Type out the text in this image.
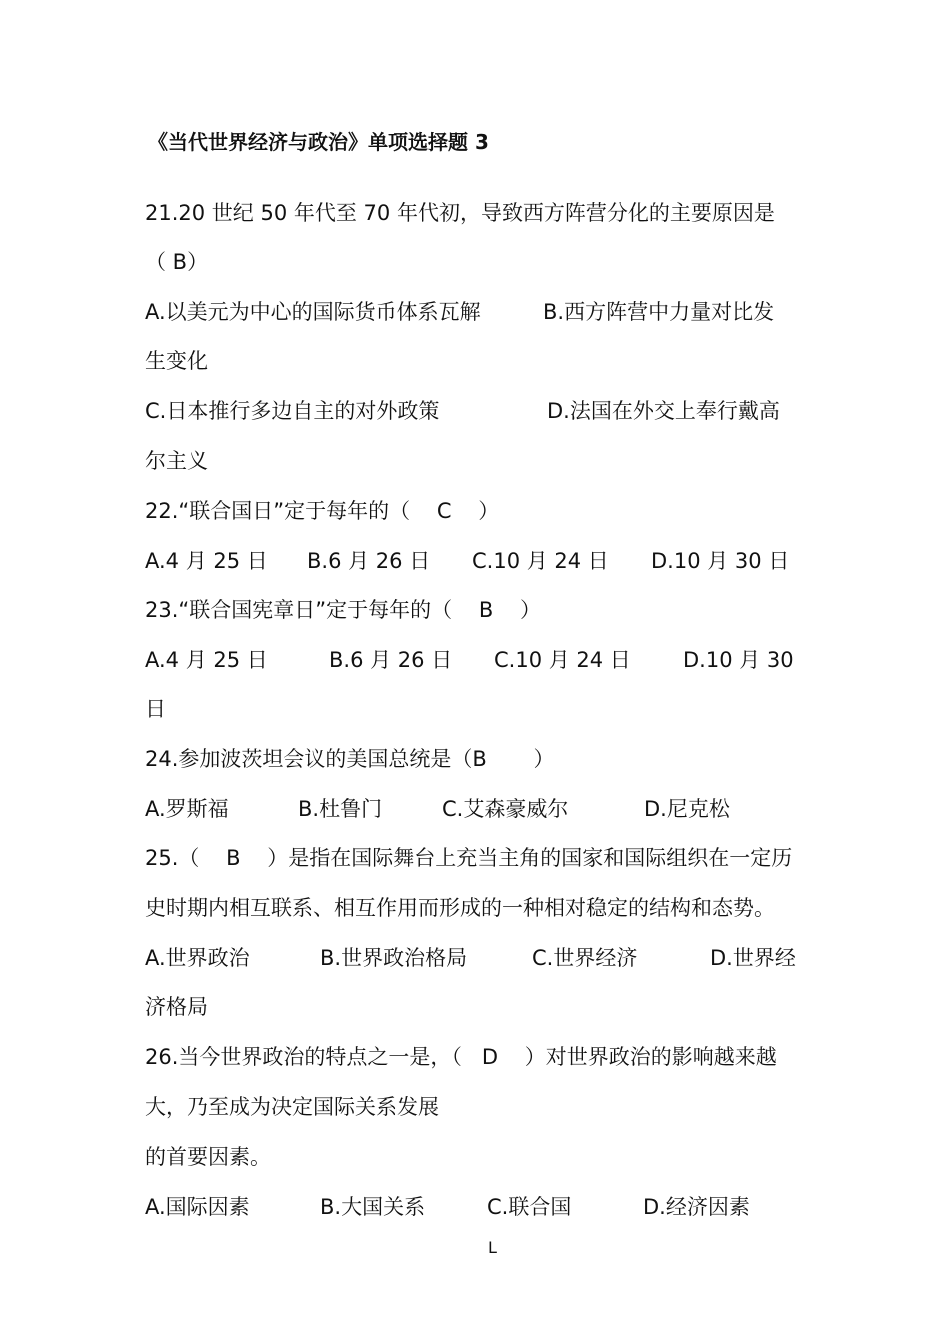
《当代世界经济与政治》单项选择题 3
21.20 世纪 50 年代至 70 年代初，导致西方阵营分化的主要原因是
（ B）
A.以美元为中心的国际货币体系瓦解	B.西方阵营中力量对比发
生变化
C.日本推行多边自主的对外政策	D.法国在外交上奉行戴高
尔主义
22.“联合国日”定于每年的（    C    ）
A.4 月 25 日 B.6 月 26 日 C.10 月 24 日 D.10 月 30 日
23.“联合国宪章日”定于每年的（    B    ）
A.4 月 25 日	B.6 月 26 日 C.10 月 24 日 D.10 月 30
日
24.参加波茨坦会议的美国总统是（B       ）
A.罗斯福	B.杜鲁门	C.艾森豪威尔	D.尼克松
25.（    B    ）是指在国际舞台上充当主角的国家和国际组织在一定历
史时期内相互联系、相互作用而形成的一种相对稳定的结构和态势。
A.世界政治	B.世界政治格局	C.世界经济	D.世界经
济格局
26.当今世界政治的特点之一是，（   D    ）对世界政治的影响越来越
大，乃至成为决定国际关系发展
的首要因素。
A.国际因素	B.大国关系	C.联合国	D.经济因素
L
